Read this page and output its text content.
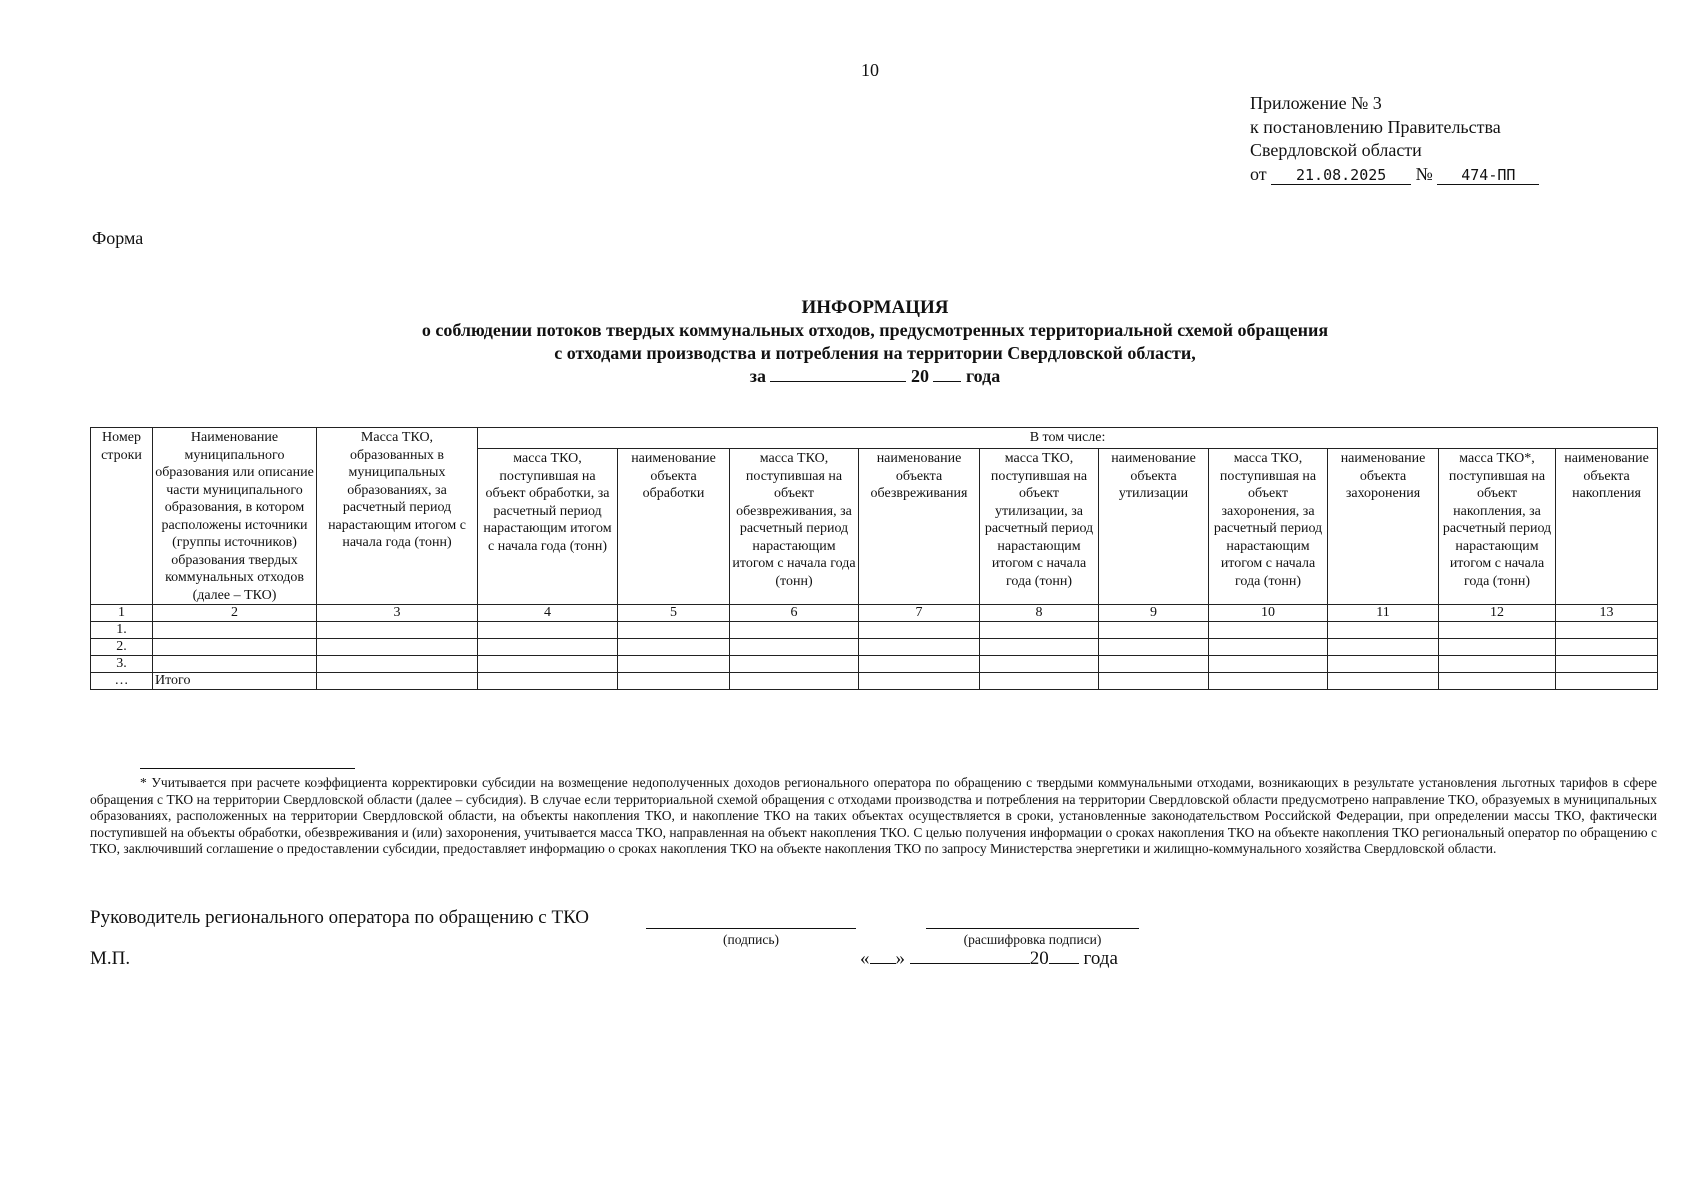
10
Приложение № 3
к постановлению Правительства
Свердловской области
от 21.08.2025 № 474-ПП
Форма
ИНФОРМАЦИЯ
о соблюдении потоков твердых коммунальных отходов, предусмотренных территориальной схемой обращения
с отходами производства и потребления на территории Свердловской области,
за	20 года
Номер строки	Наименование муниципального образования или описание части муниципального образования, в котором расположены источники (группы источников) образования твердых коммунальных отходов (далее – ТКО)	Масса ТКО, образованных в муниципальных образованиях, за расчетный период нарастающим итогом с начала года (тонн)	В том числе:									
			масса ТКО, поступившая на объект обработки, за расчетный период нарастающим итогом с начала года (тонн)	наименование объекта обработки	масса ТКО, поступившая на объект обезвреживания, за расчетный период нарастающим итогом с начала года (тонн)	наименование объекта обезвреживания	масса ТКО, поступившая на объект утилизации, за расчетный период нарастающим итогом с начала года (тонн)	наименование объекта утилизации	масса ТКО, поступившая на объект захоронения, за расчетный период нарастающим итогом с начала года (тонн)	наименование объекта захоронения	масса ТКО*, поступившая на объект накопления, за расчетный период нарастающим итогом с начала года (тонн)	наименование объекта накопления
1	2	3	4	5	6	7	8	9	10	11	12	13
1.												
2.												
3.												
…	Итого											
* Учитывается при расчете коэффициента корректировки субсидии на возмещение недополученных доходов регионального оператора по обращению с твердыми коммунальными отходами, возникающих в результате установления льготных тарифов в сфере обращения с ТКО на территории Свердловской области (далее – субсидия). В случае если территориальной схемой обращения с отходами производства и потребления на территории Свердловской области предусмотрено направление ТКО, образуемых в муниципальных образованиях, расположенных на территории Свердловской области, на объекты накопления ТКО, и накопление ТКО на таких объектах осуществляется в сроки, установленные законодательством Российской Федерации, при определении массы ТКО, фактически поступившей на объекты обработки, обезвреживания и (или) захоронения, учитывается масса ТКО, направленная на объект накопления ТКО. С целью получения информации о сроках накопления ТКО на объекте накопления ТКО региональный оператор по обращению с ТКО, заключивший соглашение о предоставлении субсидии, предоставляет информацию о сроках накопления ТКО на объекте накопления ТКО по запросу Министерства энергетики и жилищно-коммунального хозяйства Свердловской области.
Руководитель регионального оператора по обращению с ТКО
(подпись)	(расшифровка подписи)
М.П.	« »	20 года
